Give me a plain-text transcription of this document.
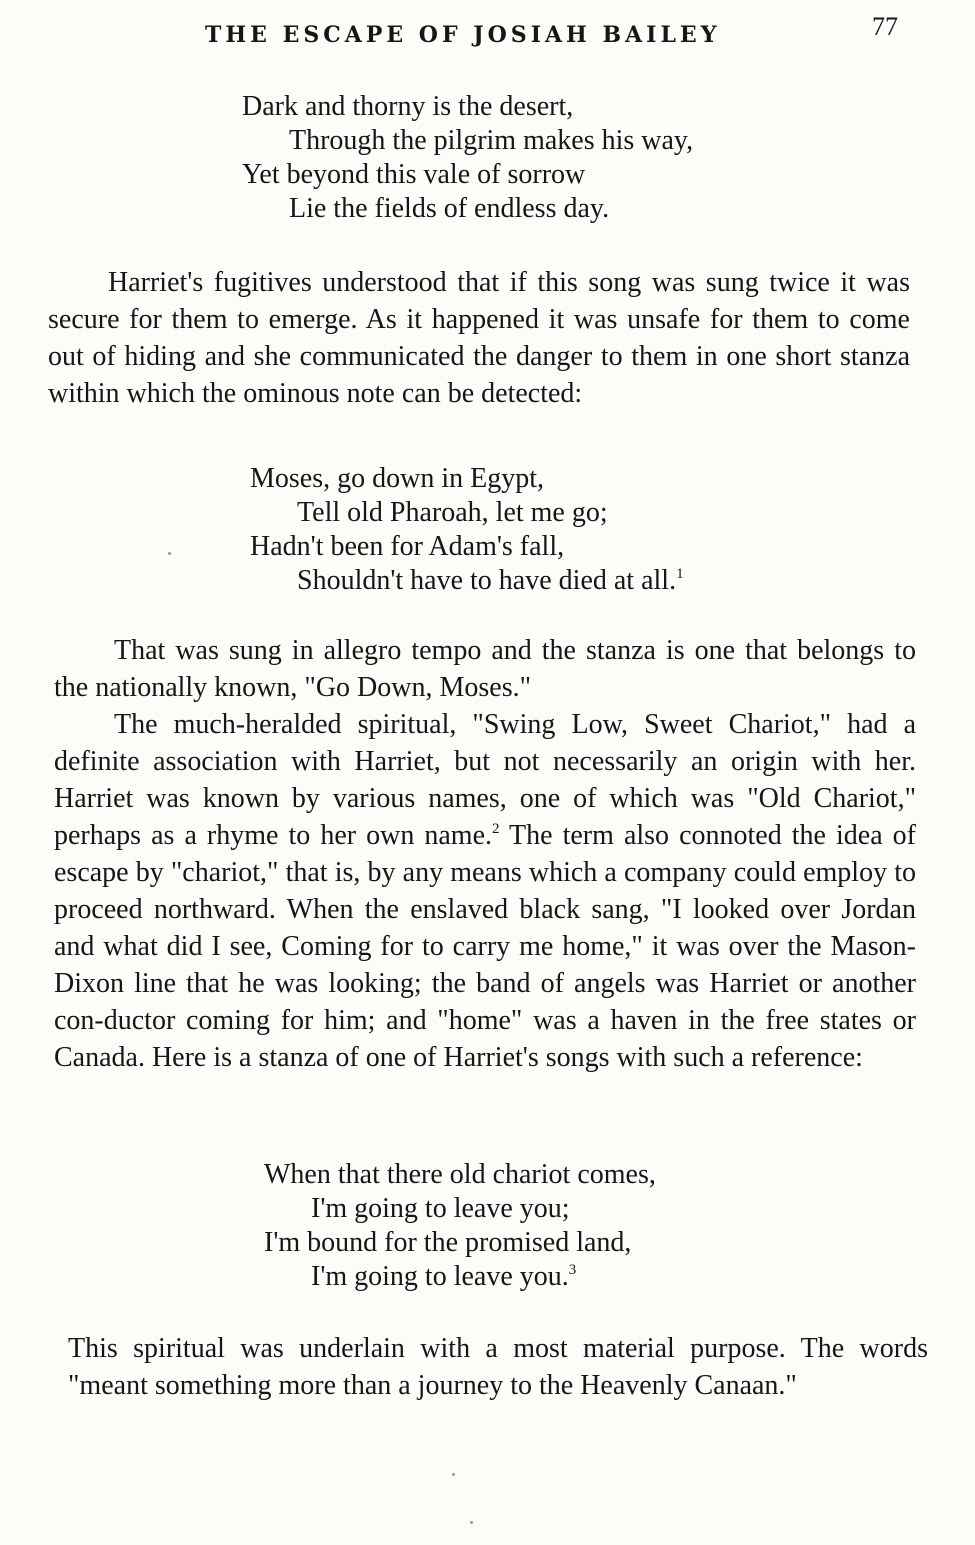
THE ESCAPE OF JOSIAH BAILEY	77
Dark and thorny is the desert,
Through the pilgrim makes his way,
Yet beyond this vale of sorrow
Lie the fields of endless day.

Harriet's fugitives understood that if this song was sung twice it was secure for them to emerge. As it happened it was unsafe for them to come out of hiding and she communicated the danger to them in one short stanza within which the ominous note can be detected:

Moses, go down in Egypt,
Tell old Pharoah, let me go;
Hadn't been for Adam's fall,
Shouldn't have to have died at all.$^1$

That was sung in allegro tempo and the stanza is one that belongs to the nationally known, "Go Down, Moses."

The much-heralded spiritual, "Swing Low, Sweet Chariot," had a definite association with Harriet, but not necessarily an origin with her. Harriet was known by various names, one of which was "Old Chariot," perhaps as a rhyme to her own name.$^2$ The term also connoted the idea of escape by "chariot," that is, by any means which a company could employ to proceed northward. When the enslaved black sang, "I looked over Jordan and what did I see, Coming for to carry me home," it was over the Mason-Dixon line that he was looking; the band of angels was Harriet or another con-ductor coming for him; and "home" was a haven in the free states or Canada. Here is a stanza of one of Harriet's songs with such a reference:

When that there old chariot comes,
I'm going to leave you;
I'm bound for the promised land,
I'm going to leave you.$^3$

This spiritual was underlain with a most material purpose. The words "meant something more than a journey to the Heavenly Canaan."
